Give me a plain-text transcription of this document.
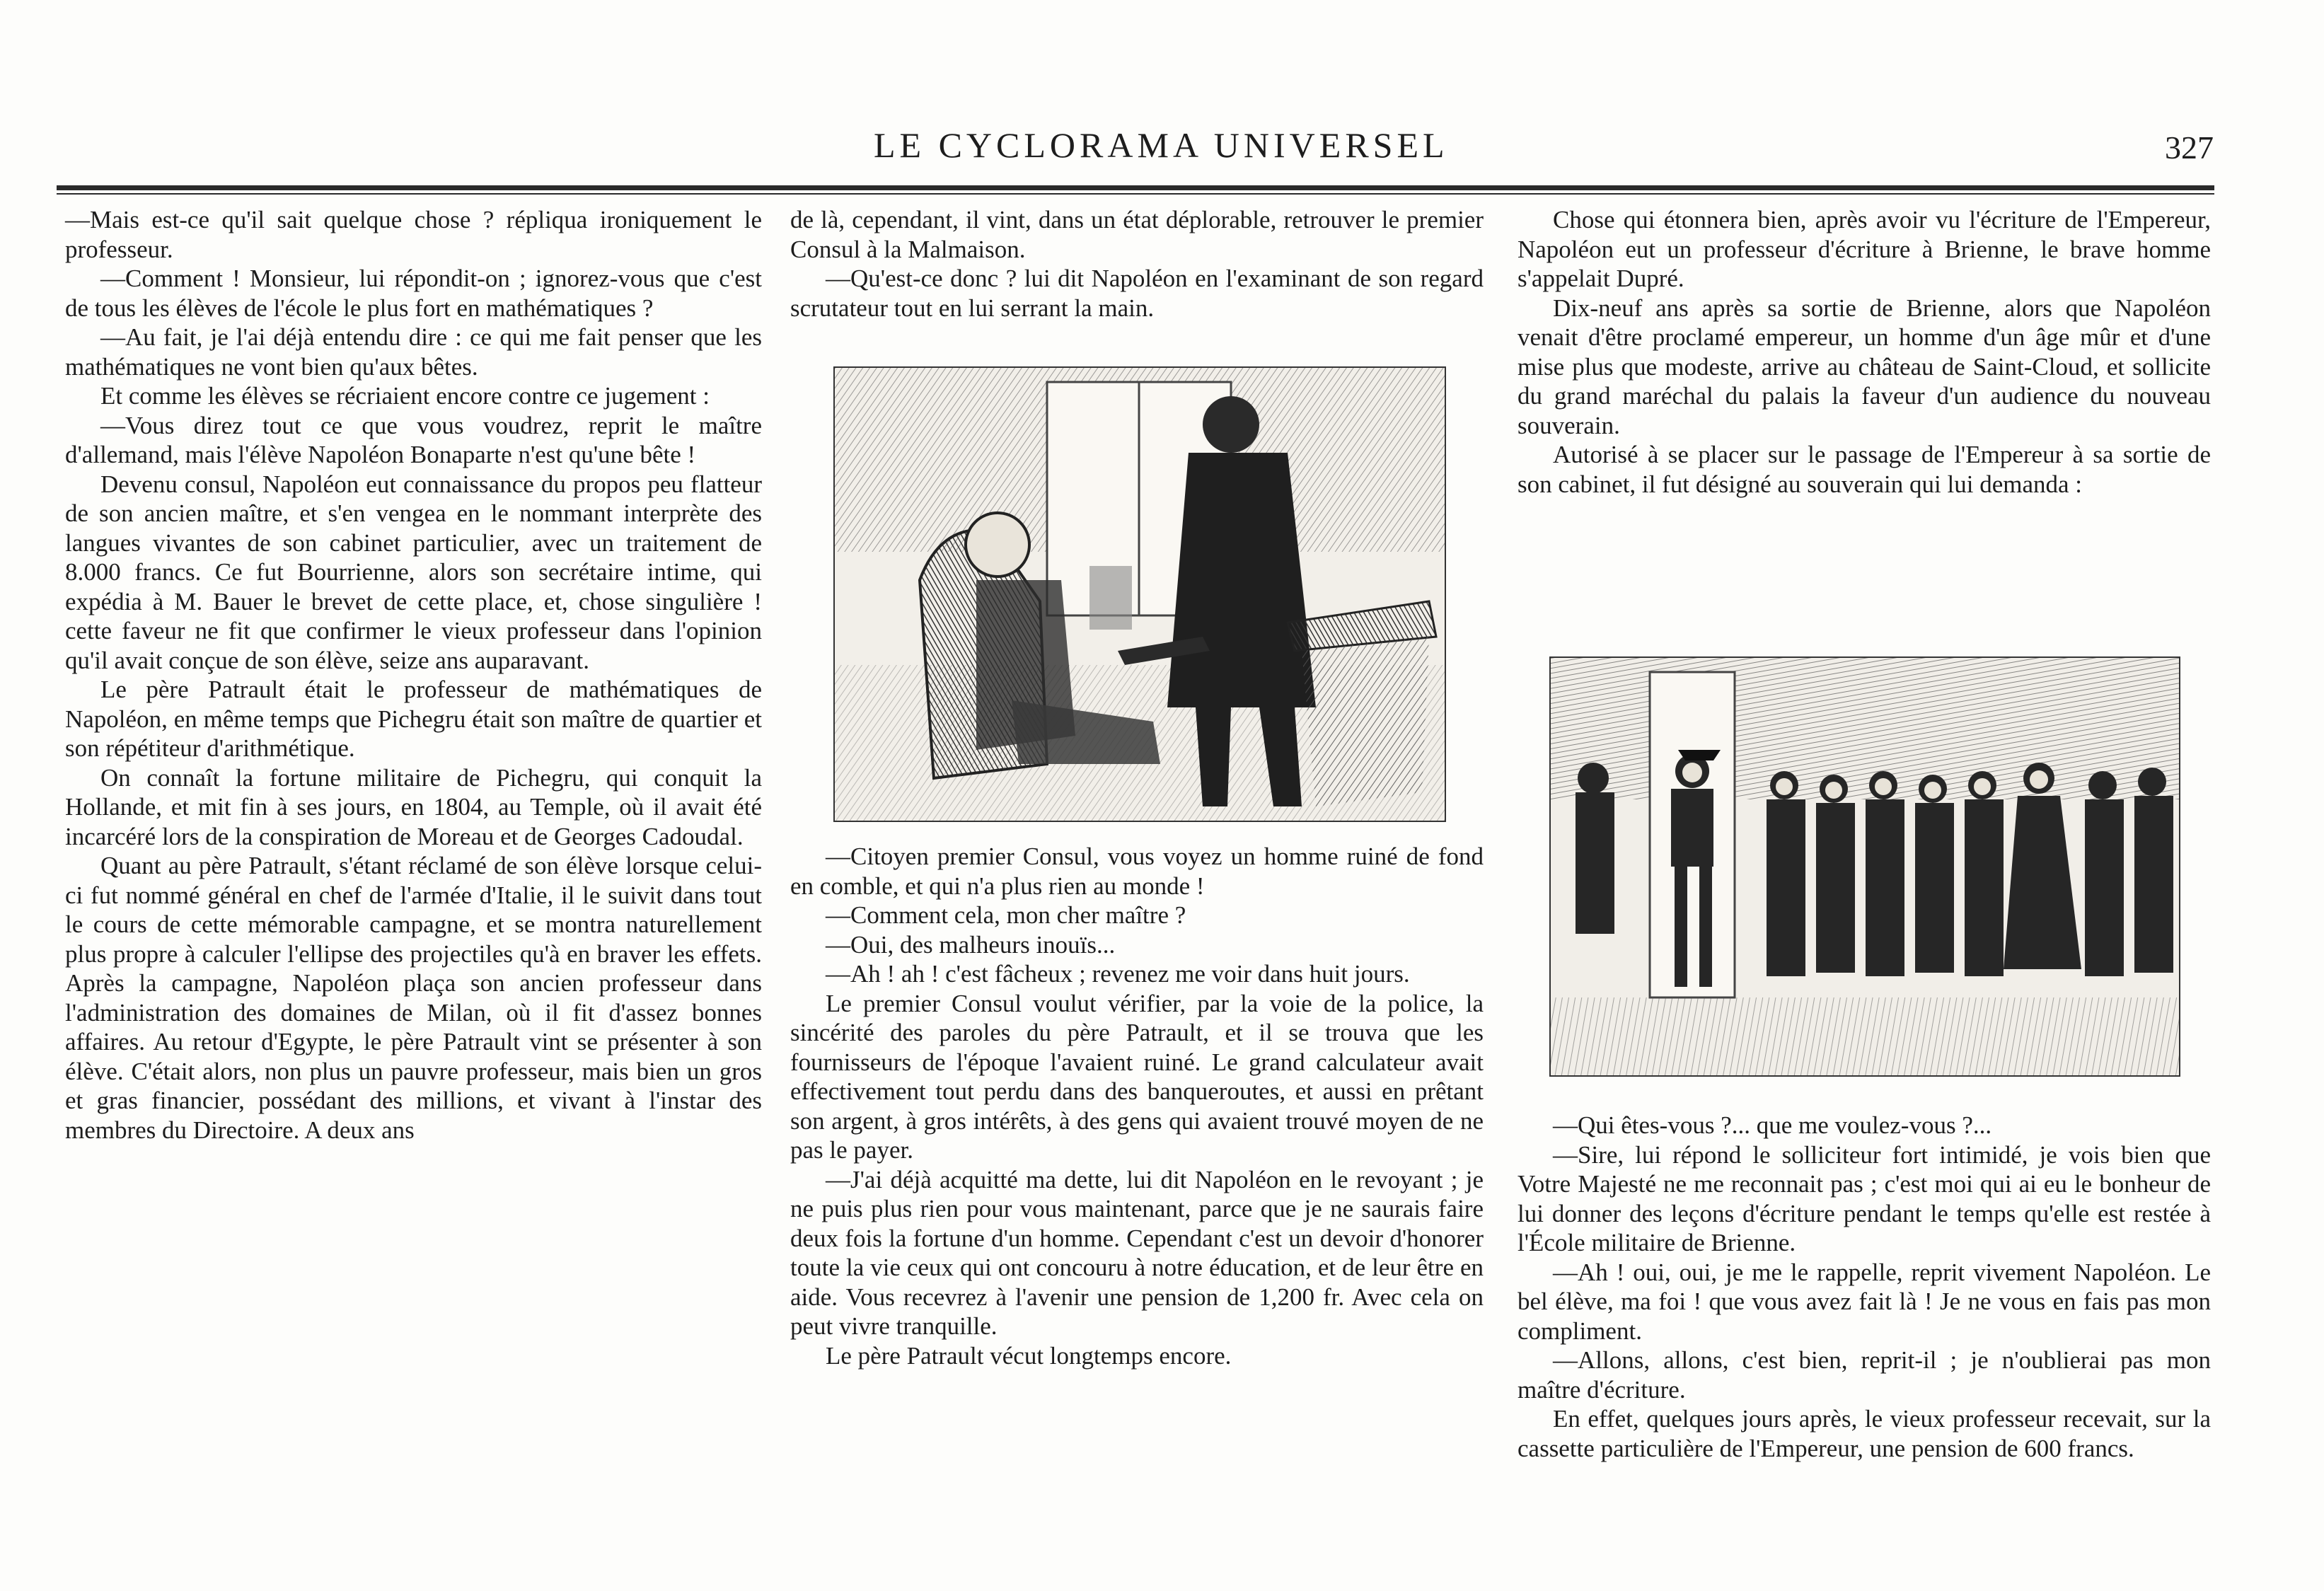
LE CYCLORAMA UNIVERSEL	327

—Mais est-ce qu'il sait quelque chose ? répliqua ironiquement le professeur.

—Comment ! Monsieur, lui répondit-on ; ignorez-vous que c'est de tous les élèves de l'école le plus fort en mathématiques ?

—Au fait, je l'ai déjà entendu dire : ce qui me fait penser que les mathématiques ne vont bien qu'aux bêtes.

Et comme les élèves se récriaient encore contre ce jugement :

—Vous direz tout ce que vous voudrez, reprit le maître d'allemand, mais l'élève Napoléon Bonaparte n'est qu'une bête !

Devenu consul, Napoléon eut connaissance du propos peu flatteur de son ancien maître, et s'en vengea en le nommant interprète des langues vivantes de son cabinet particulier, avec un traitement de 8.000 francs. Ce fut Bourrienne, alors son secrétaire intime, qui expédia à M. Bauer le brevet de cette place, et, chose singulière ! cette faveur ne fit que confirmer le vieux professeur dans l'opinion qu'il avait conçue de son élève, seize ans auparavant.

Le père Patrault était le professeur de mathématiques de Napoléon, en même temps que Pichegru était son maître de quartier et son répétiteur d'arithmétique.

On connaît la fortune militaire de Pichegru, qui conquit la Hollande, et mit fin à ses jours, en 1804, au Temple, où il avait été incarcéré lors de la conspiration de Moreau et de Georges Cadoudal.

Quant au père Patrault, s'étant réclamé de son élève lorsque celui-ci fut nommé général en chef de l'armée d'Italie, il le suivit dans tout le cours de cette mémorable campagne, et se montra naturellement plus propre à calculer l'ellipse des projectiles qu'à en braver les effets. Après la campagne, Napoléon plaça son ancien professeur dans l'administration des domaines de Milan, où il fit d'assez bonnes affaires. Au retour d'Egypte, le père Patrault vint se présenter à son élève. C'était alors, non plus un pauvre professeur, mais bien un gros et gras financier, possédant des millions, et vivant à l'instar des membres du Directoire. A deux ans

de là, cependant, il vint, dans un état déplorable, retrouver le premier Consul à la Malmaison.

—Qu'est-ce donc ? lui dit Napoléon en l'examinant de son regard scrutateur tout en lui serrant la main.

—Citoyen premier Consul, vous voyez un homme ruiné de fond en comble, et qui n'a plus rien au monde !

—Comment cela, mon cher maître ?

—Oui, des malheurs inouïs...

—Ah ! ah ! c'est fâcheux ; revenez me voir dans huit jours.

Le premier Consul voulut vérifier, par la voie de la police, la sincérité des paroles du père Patrault, et il se trouva que les fournisseurs de l'époque l'avaient ruiné. Le grand calculateur avait effectivement tout perdu dans des banqueroutes, et aussi en prêtant son argent, à gros intérêts, à des gens qui avaient trouvé moyen de ne pas le payer.

—J'ai déjà acquitté ma dette, lui dit Napoléon en le revoyant ; je ne puis plus rien pour vous maintenant, parce que je ne saurais faire deux fois la fortune d'un homme. Cependant c'est un devoir d'honorer toute la vie ceux qui ont concouru à notre éducation, et de leur être en aide. Vous recevrez à l'avenir une pension de 1,200 fr. Avec cela on peut vivre tranquille.

Le père Patrault vécut longtemps encore.

Chose qui étonnera bien, après avoir vu l'écriture de l'Empereur, Napoléon eut un professeur d'écriture à Brienne, le brave homme s'appelait Dupré.

Dix-neuf ans après sa sortie de Brienne, alors que Napoléon venait d'être proclamé empereur, un homme d'un âge mûr et d'une mise plus que modeste, arrive au château de Saint-Cloud, et sollicite du grand maréchal du palais la faveur d'un audience du nouveau souverain.

Autorisé à se placer sur le passage de l'Empereur à sa sortie de son cabinet, il fut désigné au souverain qui lui demanda :

—Qui êtes-vous ?... que me voulez-vous ?...

—Sire, lui répond le solliciteur fort intimidé, je vois bien que Votre Majesté ne me reconnait pas ; c'est moi qui ai eu le bonheur de lui donner des leçons d'écriture pendant le temps qu'elle est restée à l'École militaire de Brienne.

—Ah ! oui, oui, je me le rappelle, reprit vivement Napoléon. Le bel élève, ma foi ! que vous avez fait là ! Je ne vous en fais pas mon compliment.

—Allons, allons, c'est bien, reprit-il ; je n'oublierai pas mon maître d'écriture.

En effet, quelques jours après, le vieux professeur recevait, sur la cassette particulière de l'Empereur, une pension de 600 francs.
